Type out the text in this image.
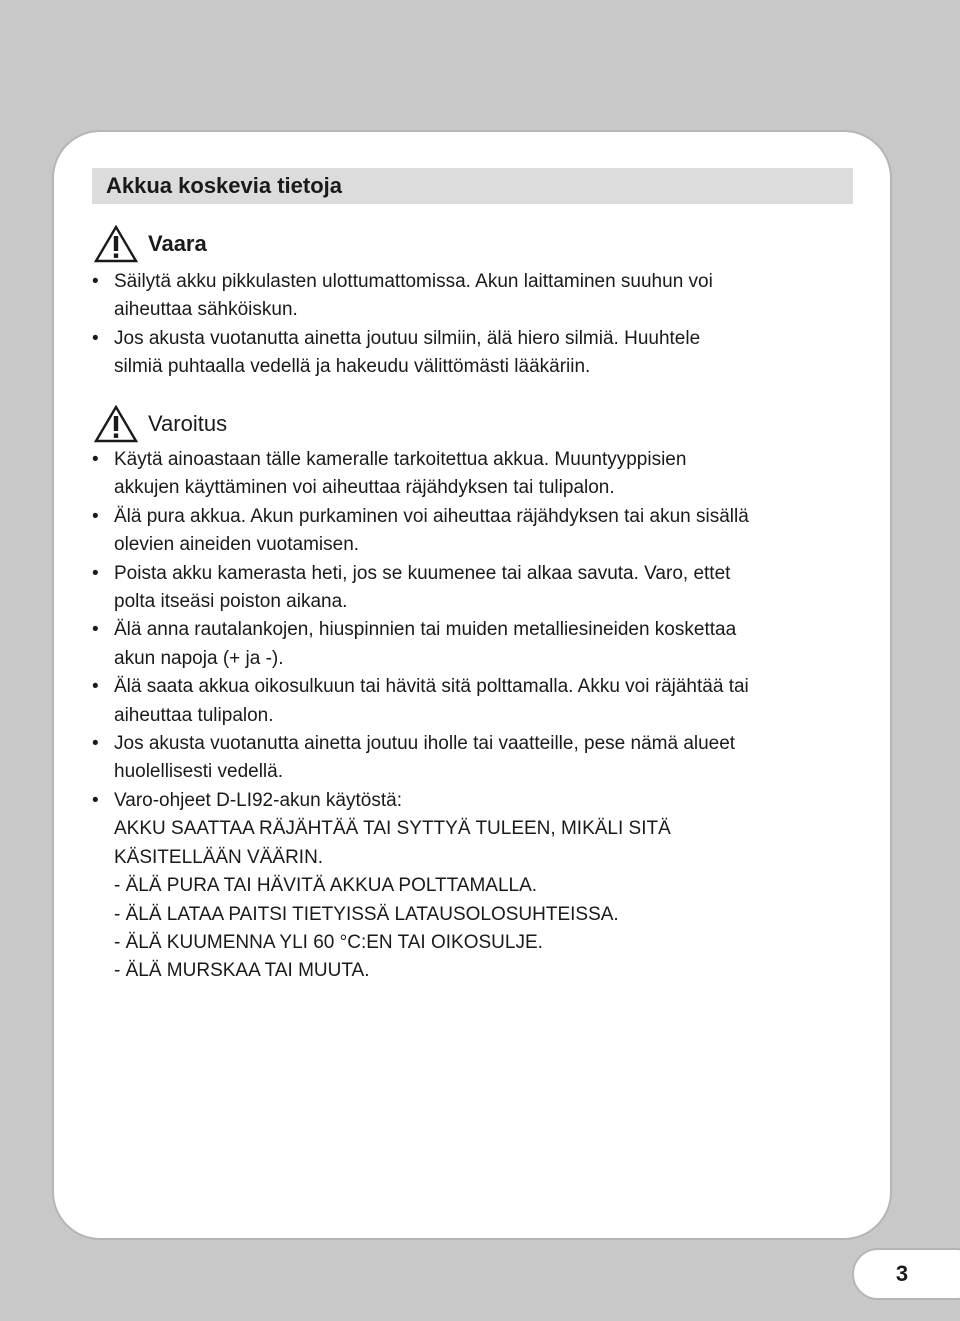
Akkua koskevia tietoja
Vaara
• Säilytä akku pikkulasten ulottumattomissa. Akun laittaminen suuhun voi
aiheuttaa sähköiskun.
• Jos akusta vuotanutta ainetta joutuu silmiin, älä hiero silmiä. Huuhtele
silmiä puhtaalla vedellä ja hakeudu välittömästi lääkäriin.
Varoitus
• Käytä ainoastaan tälle kameralle tarkoitettua akkua. Muuntyyppisien
akkujen käyttäminen voi aiheuttaa räjähdyksen tai tulipalon.
• Älä pura akkua. Akun purkaminen voi aiheuttaa räjähdyksen tai akun sisällä
olevien aineiden vuotamisen.
• Poista akku kamerasta heti, jos se kuumenee tai alkaa savuta. Varo, ettet
polta itseäsi poiston aikana.
• Älä anna rautalankojen, hiuspinnien tai muiden metalliesineiden koskettaa
akun napoja (+ ja -).
• Älä saata akkua oikosulkuun tai hävitä sitä polttamalla. Akku voi räjähtää tai
aiheuttaa tulipalon.
• Jos akusta vuotanutta ainetta joutuu iholle tai vaatteille, pese nämä alueet
huolellisesti vedellä.
• Varo-ohjeet D-LI92-akun käytöstä:
AKKU SAATTAA RÄJÄHTÄÄ TAI SYTTYÄ TULEEN, MIKÄLI SITÄ
KÄSITELLÄÄN VÄÄRIN.
- ÄLÄ PURA TAI HÄVITÄ AKKUA POLTTAMALLA.
- ÄLÄ LATAA PAITSI TIETYISSÄ LATAUSOLOSUHTEISSA.
- ÄLÄ KUUMENNA YLI 60 °C:EN TAI OIKOSULJE.
- ÄLÄ MURSKAA TAI MUUTA.
3
